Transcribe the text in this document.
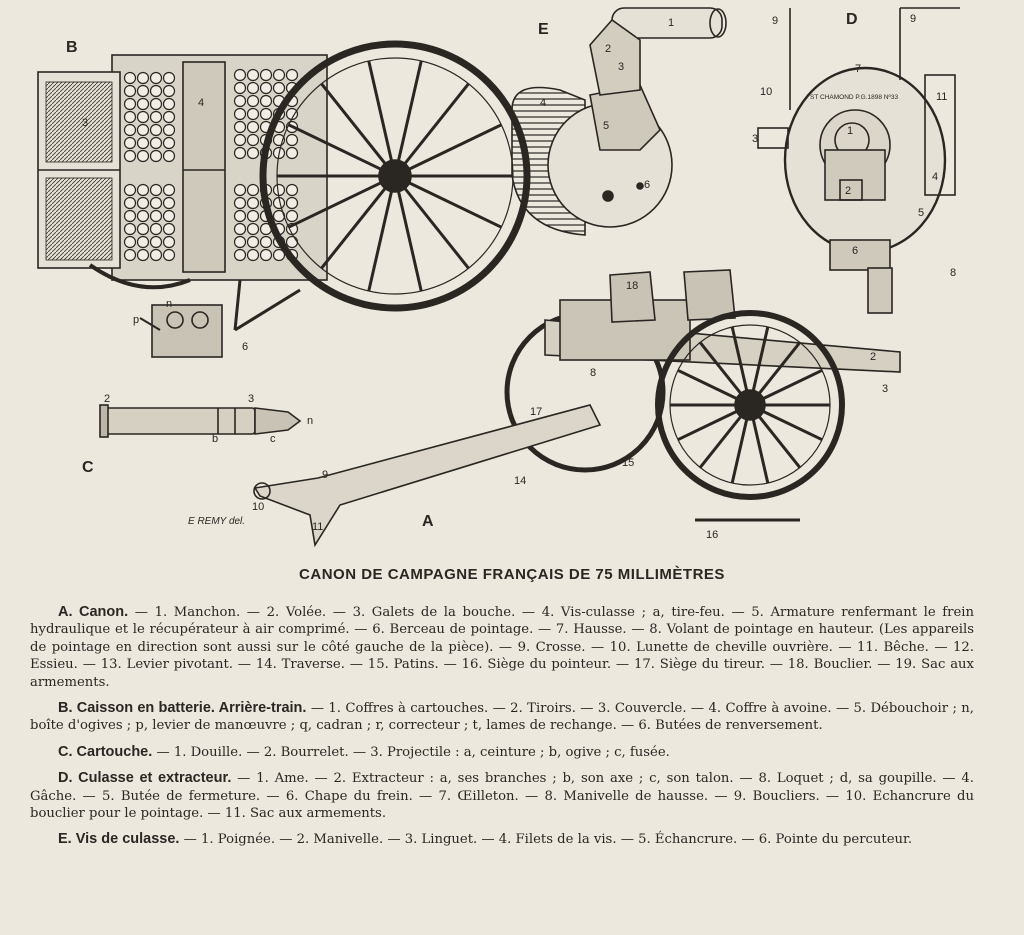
ST CHAMOND P.G.1898 Nº33
B
E
D
C
A
E REMY del.
3
4
6
n
p
1
2
3
4
5
6
9	9
10	11
7
1
2
3
4
5
6
8
2	3
b	c
n
18
2
3
17
9
10
11
14
15
16
8
CANON DE CAMPAGNE FRANÇAIS DE 75 MILLIMÈTRES

A. Canon. — 1. Manchon. — 2. Volée. — 3. Galets de la bouche. — 4. Vis-culasse ; a, tire-feu. — 5. Armature renfermant le frein hydraulique et le récupérateur à air comprimé. — 6. Berceau de pointage. — 7. Hausse. — 8. Volant de pointage en hauteur. (Les appareils de pointage en direction sont aussi sur le côté gauche de la pièce). — 9. Crosse. — 10. Lunette de cheville ouvrière. — 11. Bêche. — 12. Essieu. — 13. Levier pivotant. — 14. Traverse. — 15. Patins. — 16. Siège du pointeur. — 17. Siège du tireur. — 18. Bouclier. — 19. Sac aux armements.

B. Caisson en batterie. Arrière-train. — 1. Coffres à cartouches. — 2. Tiroirs. — 3. Couvercle. — 4. Coffre à avoine. — 5. Débouchoir ; n, boîte d'ogives ; p, levier de manœuvre ; q, cadran ; r, correcteur ; t, lames de rechange. — 6. Butées de renversement.

C. Cartouche. — 1. Douille. — 2. Bourrelet. — 3. Projectile : a, ceinture ; b, ogive ; c, fusée.

D. Culasse et extracteur. — 1. Ame. — 2. Extracteur : a, ses branches ; b, son axe ; c, son talon. — 8. Loquet ; d, sa goupille. — 4. Gâche. — 5. Butée de fermeture. — 6. Chape du frein. — 7. Œilleton. — 8. Manivelle de hausse. — 9. Boucliers. — 10. Echancrure du bouclier pour le pointage. — 11. Sac aux armements.

E. Vis de culasse. — 1. Poignée. — 2. Manivelle. — 3. Linguet. — 4. Filets de la vis. — 5. Échancrure. — 6. Pointe du percuteur.
